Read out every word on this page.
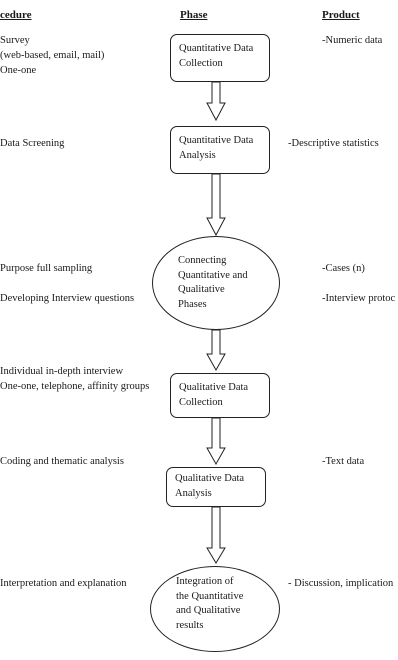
cedure	Phase	Product
Survey
(web-based, email, mail)
One-one
Data Screening
Purpose full sampling
Developing Interview questions
Individual in-depth interview
One-one, telephone, affinity groups
Coding and thematic analysis
Interpretation and explanation
Quantitative Data
Collection
Quantitative Data
Analysis
Connecting
Quantitative and
Qualitative
Phases
Qualitative Data
Collection
Qualitative Data
Analysis
Integration of
the Quantitative
and Qualitative
results
-Numeric data
-Descriptive statistics
-Cases (n)
-Interview protoc
-Text data
- Discussion, implication
